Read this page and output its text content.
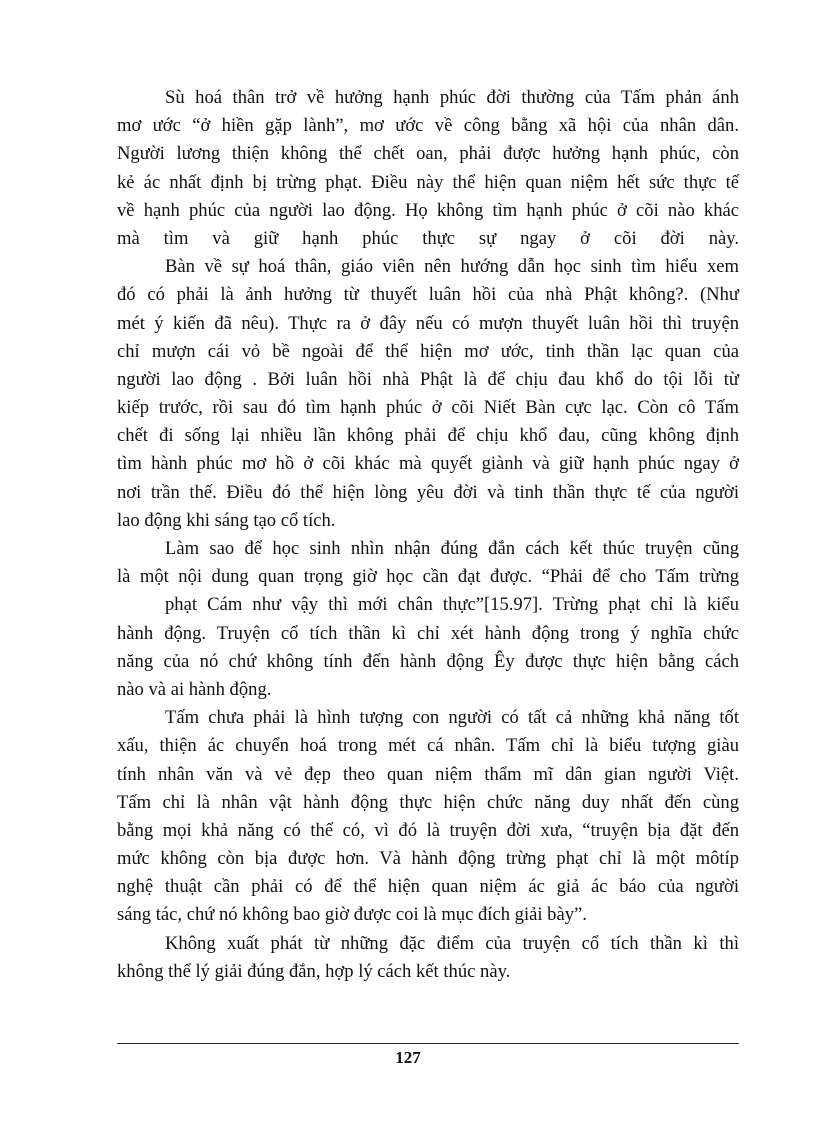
Sù hoá thân trở về hưởng hạnh phúc đời thường của Tấm phản ánh
mơ ước “ở hiền gặp lành”, mơ ước về công bằng xã hội của nhân dân.
Người lương thiện không thể chết oan, phải được hưởng hạnh phúc, còn
kẻ ác nhất định bị trừng phạt. Điều này thể hiện quan niệm hết sức thực tế
về hạnh phúc của người lao động. Họ không tìm hạnh phúc ở cõi nào khác
mà tìm và giữ hạnh phúc thực sự ngay ở cõi đời này.
Bàn về sự hoá thân, giáo viên nên hướng dẫn học sinh tìm hiểu xem
đó có phải là ảnh hưởng từ thuyết luân hồi của nhà Phật không?. (Như
mét ý kiến đã nêu). Thực ra ở đây nếu có mượn thuyết luân hồi thì truyện
chỉ mượn cái vỏ bề ngoài để thể hiện mơ ước, tinh thần lạc quan của
người lao động . Bởi luân hồi nhà Phật là để chịu đau khổ do tội lỗi từ
kiếp trước, rồi sau đó tìm hạnh phúc ở cõi Niết Bàn cực lạc. Còn cô Tấm
chết đi sống lại nhiều lần không phải để chịu khổ đau, cũng không định
tìm hành phúc mơ hồ ở cõi khác mà quyết giành và giữ hạnh phúc ngay ở
nơi trần thế. Điều đó thể hiện lòng yêu đời và tinh thần thực tế của người
lao động khi sáng tạo cổ tích.
Làm sao để học sinh nhìn nhận đúng đắn cách kết thúc truyện cũng
là một nội dung quan trọng giờ học cần đạt được. “Phải để cho Tấm trừng
phạt Cám như vậy thì mới chân thực”[15.97]. Trừng phạt chỉ là kiểu
hành động. Truyện cổ tích thần kì chỉ xét hành động trong ý nghĩa chức
năng của nó chứ không tính đến hành động Êy được thực hiện bằng cách
nào và ai hành động.
Tấm chưa phải là hình tượng con người có tất cả những khả năng tốt
xấu, thiện ác chuyển hoá trong mét cá nhân. Tấm chỉ là biểu tượng giàu
tính nhân văn và vẻ đẹp theo quan niệm thẩm mĩ dân gian người Việt.
Tấm chỉ là nhân vật hành động thực hiện chức năng duy nhất đến cùng
bằng mọi khả năng có thể có, vì đó là truyện đời xưa, “truyện bịa đặt đến
mức không còn bịa được hơn. Và hành động trừng phạt chỉ là một môtíp
nghệ thuật cần phải có để thể hiện quan niệm ác giả ác báo của người
sáng tác, chứ nó không bao giờ được coi là mục đích giải bày”.
Không xuất phát từ những đặc điểm của truyện cổ tích thần kì thì
không thể lý giải đúng đắn, hợp lý cách kết thúc này.
127
